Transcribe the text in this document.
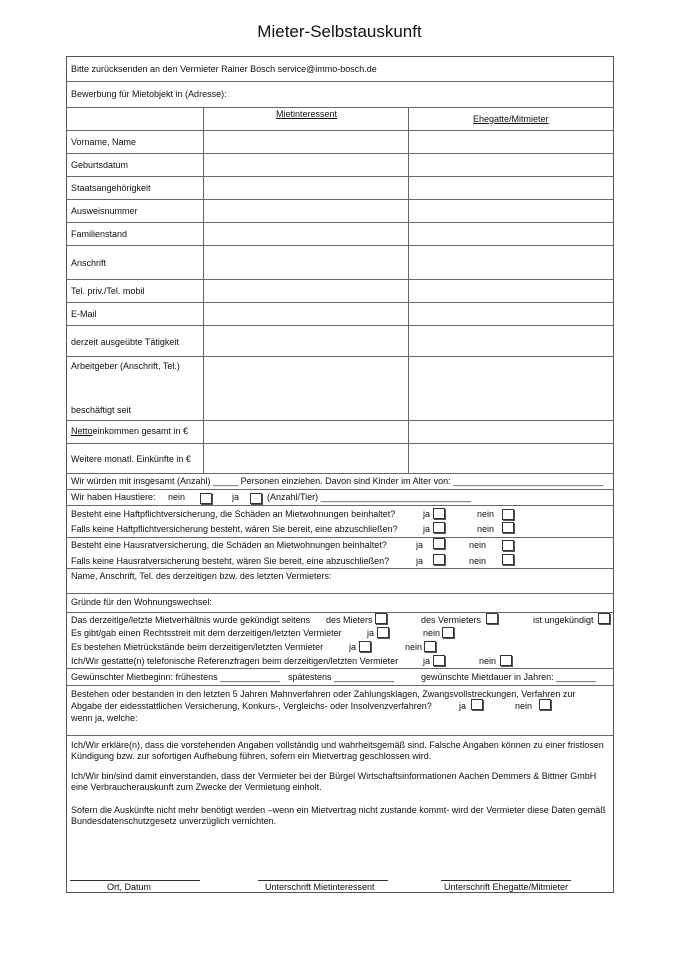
Mieter-Selbstauskunft
Bitte zurücksenden an den Vermieter Rainer Bosch service@immo-bosch.de
Bewerbung für Mietobjekt in (Adresse):
Mietinteressent	Ehegatte/Mitmieter
Vorname, Name
Geburtsdatum
Staatsangehörigkeit
Ausweisnummer
Familienstand
Anschrift
Tel. priv./Tel. mobil
E-Mail
derzeit ausgeübte Tätigkeit
Arbeitgeber (Anschrift, Tel.)
beschäftigt seit
Nettoeinkommen gesamt in €
Weitere monatl. Einkünfte in €
Wir würden mit insgesamt (Anzahl) _____ Personen einziehen. Davon sind Kinder im Alter von: ______________________________
Wir haben Haustiere: nein	ja	(Anzahl/Tier) ______________________________
Besteht eine Haftpflichtversicherung, die Schäden an Mietwohnungen beinhaltet?	ja	nein
Falls keine Haftpflichtversicherung besteht, wären Sie bereit, eine abzuschließen?	ja	nein
Besteht eine Hausratversicherung, die Schäden an Mietwohnungen beinhaltet?	ja	nein
Falls keine Hausratversicherung besteht, wären Sie bereit, eine abzuschließen?	ja	nein
Name, Anschrift, Tel. des derzeitigen bzw. des letzten Vermieters:
Gründe für den Wohnungswechsel:
Das derzeitige/letzte Mietverhältnis wurde gekündigt seitens des Mieters	des Vermieters	ist ungekündigt
Es gibt/gab einen Rechtsstreit mit dem derzeitigen/letzten Vermieter	ja	nein
Es bestehen Mietrückstände beim derzeitigen/letzten Vermieter	ja	nein
Ich/Wir gestatte(n) telefonische Referenzfragen beim derzeitigen/letzten Vermieter	ja	nein
Gewünschter Mietbeginn: frühestens ____________ spätestens ____________	gewünschte Mietdauer in Jahren: ________
Bestehen oder bestanden in den letzten 5 Jahren Mahnverfahren oder Zahlungsklagen, Zwangsvollstreckungen, Verfahren zur
Abgabe der eidesstattlichen Versicherung, Konkurs-, Vergleichs- oder Insolvenzverfahren?	ja	nein
wenn ja, welche:
Ich/Wir erkläre(n), dass die vorstehenden Angaben vollständig und wahrheitsgemäß sind. Falsche Angaben können zu einer fristlosen Kündigung bzw. zur sofortigen Aufhebung führen, sofern ein Mietvertrag geschlossen wird.
Ich/Wir bin/sind damit einverstanden, dass der Vermieter bei der Bürgel Wirtschaftsinformationen Aachen Demmers & Bittner GmbH eine Verbraucherauskunft zum Zwecke der Vermietung einholt.
Sofern die Auskünfte nicht mehr benötigt werden –wenn ein Mietvertrag nicht zustande kommt- wird der Vermieter diese Daten gemäß Bundesdatenschutzgesetz unverzüglich vernichten.
Ort, Datum	Unterschrift Mietinteressent	Unterschrift Ehegatte/Mitmieter
